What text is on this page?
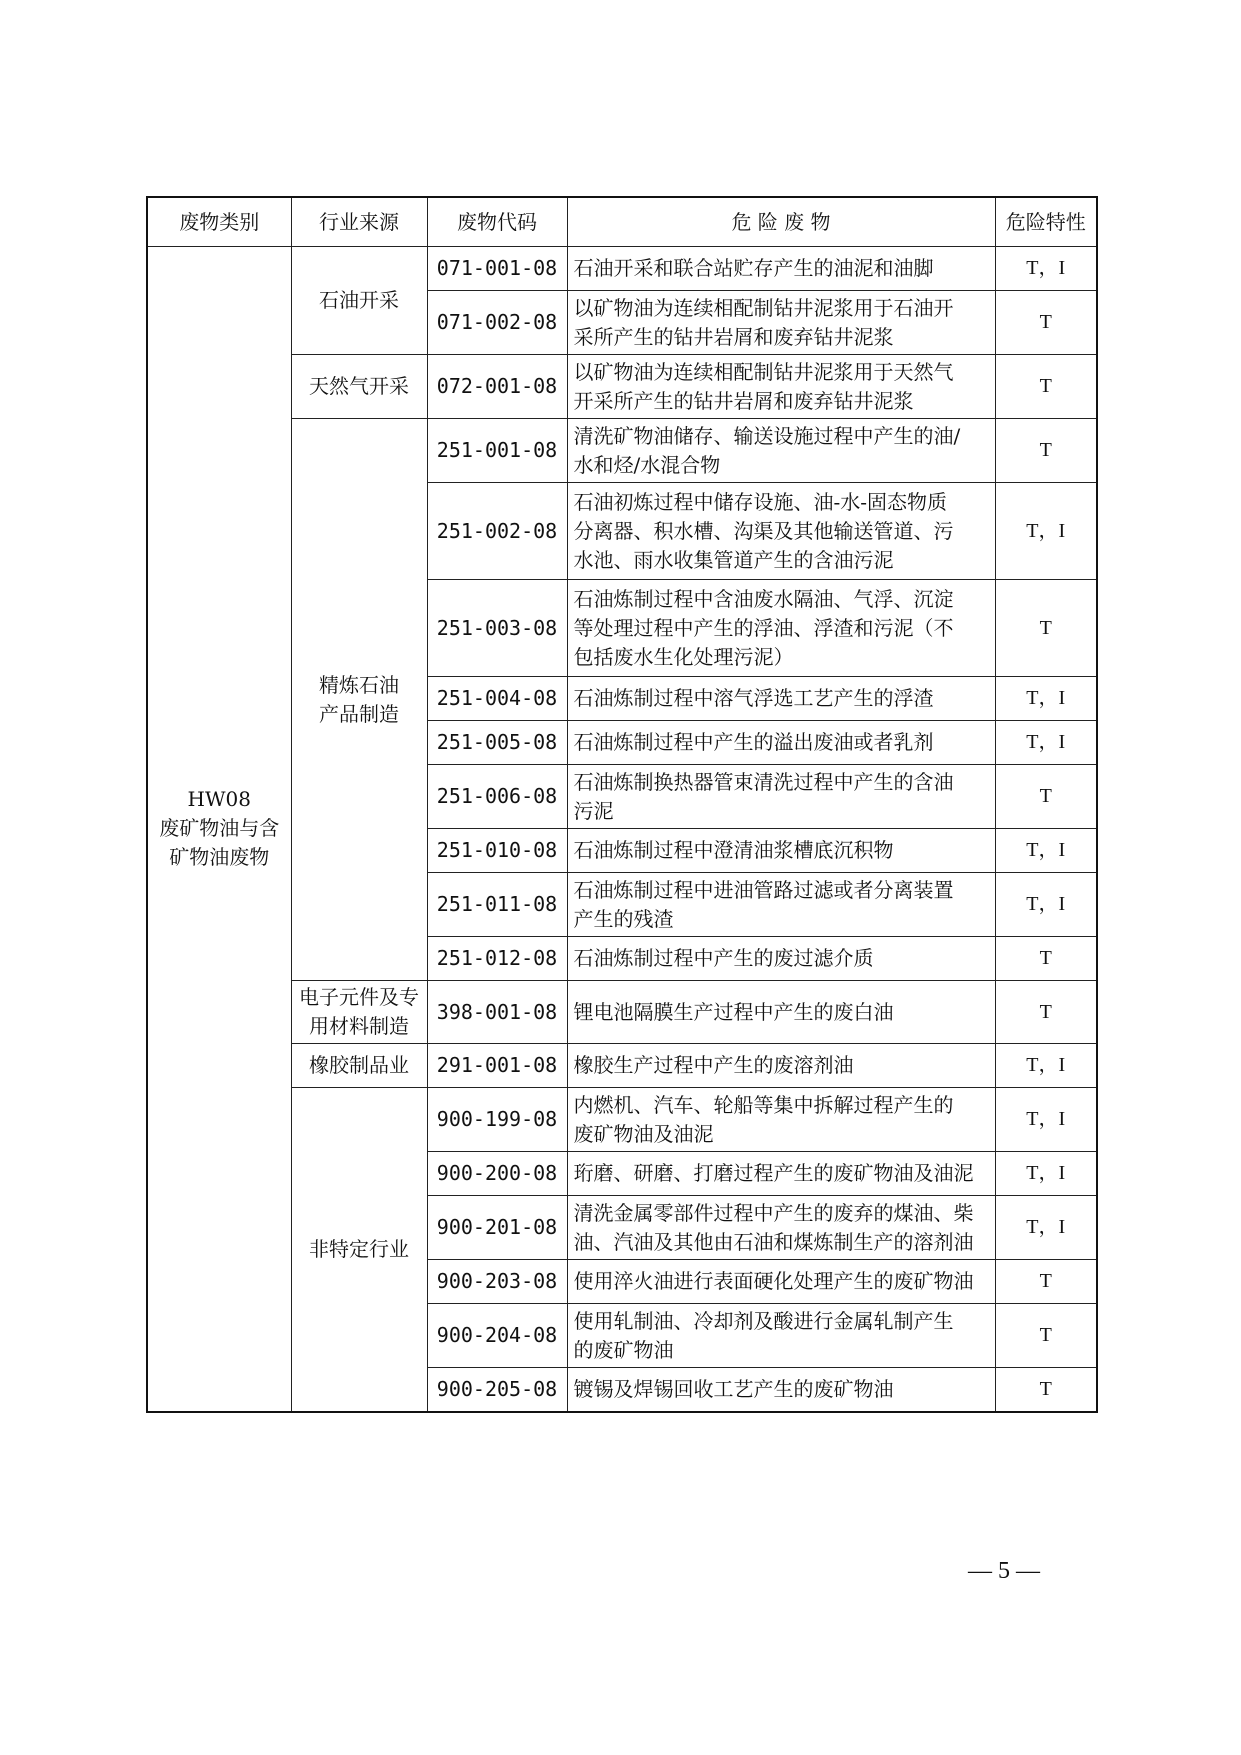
废物类别	行业来源	废物代码	危 险 废 物	危险特性
HW08
废矿物油与含
矿物油废物	石油开采	071-001-08	石油开采和联合站贮存产生的油泥和油脚	T，I
		071-002-08	以矿物油为连续相配制钻井泥浆用于石油开
采所产生的钻井岩屑和废弃钻井泥浆	T
	天然气开采	072-001-08	以矿物油为连续相配制钻井泥浆用于天然气
开采所产生的钻井岩屑和废弃钻井泥浆	T
	精炼石油
产品制造	251-001-08	清洗矿物油储存、输送设施过程中产生的油/
水和烃/水混合物	T
		251-002-08	石油初炼过程中储存设施、油-水-固态物质
分离器、积水槽、沟渠及其他输送管道、污
水池、雨水收集管道产生的含油污泥	T，I
		251-003-08	石油炼制过程中含油废水隔油、气浮、沉淀
等处理过程中产生的浮油、浮渣和污泥（不
包括废水生化处理污泥）	T
		251-004-08	石油炼制过程中溶气浮选工艺产生的浮渣	T，I
		251-005-08	石油炼制过程中产生的溢出废油或者乳剂	T，I
		251-006-08	石油炼制换热器管束清洗过程中产生的含油
污泥	T
		251-010-08	石油炼制过程中澄清油浆槽底沉积物	T，I
		251-011-08	石油炼制过程中进油管路过滤或者分离装置
产生的残渣	T，I
		251-012-08	石油炼制过程中产生的废过滤介质	T
	电子元件及专
用材料制造	398-001-08	锂电池隔膜生产过程中产生的废白油	T
	橡胶制品业	291-001-08	橡胶生产过程中产生的废溶剂油	T，I
	非特定行业	900-199-08	内燃机、汽车、轮船等集中拆解过程产生的
废矿物油及油泥	T，I
		900-200-08	珩磨、研磨、打磨过程产生的废矿物油及油泥	T，I
		900-201-08	清洗金属零部件过程中产生的废弃的煤油、柴
油、汽油及其他由石油和煤炼制生产的溶剂油	T，I
		900-203-08	使用淬火油进行表面硬化处理产生的废矿物油	T
		900-204-08	使用轧制油、冷却剂及酸进行金属轧制产生
的废矿物油	T
		900-205-08	镀锡及焊锡回收工艺产生的废矿物油	T
— 5 —
